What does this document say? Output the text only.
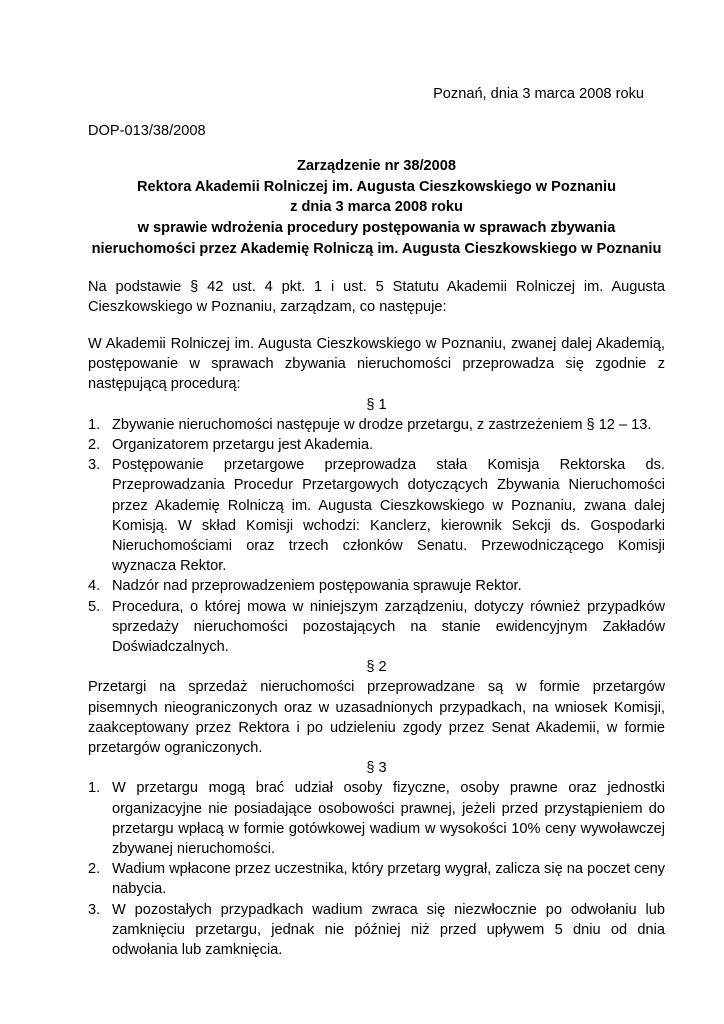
Poznań, dnia 3 marca 2008 roku
DOP-013/38/2008
Zarządzenie nr 38/2008
Rektora Akademii Rolniczej im. Augusta Cieszkowskiego w Poznaniu
z dnia 3 marca 2008 roku
w sprawie wdrożenia procedury postępowania w sprawach zbywania
nieruchomości przez Akademię Rolniczą im. Augusta Cieszkowskiego w Poznaniu
Na podstawie § 42 ust. 4 pkt. 1 i ust. 5 Statutu Akademii Rolniczej im. Augusta Cieszkowskiego w Poznaniu, zarządzam, co następuje:
W Akademii Rolniczej im. Augusta Cieszkowskiego w Poznaniu, zwanej dalej Akademią, postępowanie w sprawach zbywania nieruchomości przeprowadza się zgodnie z następującą procedurą:
§ 1
1. Zbywanie nieruchomości następuje w drodze przetargu, z zastrzeżeniem § 12 – 13.
2. Organizatorem przetargu jest Akademia.
3. Postępowanie przetargowe przeprowadza stała Komisja Rektorska ds. Przeprowadzania Procedur Przetargowych dotyczących Zbywania Nieruchomości przez Akademię Rolniczą im. Augusta Cieszkowskiego w Poznaniu, zwana dalej Komisją. W skład Komisji wchodzi: Kanclerz, kierownik Sekcji ds. Gospodarki Nieruchomościami oraz trzech członków Senatu. Przewodniczącego Komisji wyznacza Rektor.
4. Nadzór nad przeprowadzeniem postępowania sprawuje Rektor.
5. Procedura, o której mowa w niniejszym zarządzeniu, dotyczy również przypadków sprzedaży nieruchomości pozostających na stanie ewidencyjnym Zakładów Doświadczalnych.
§ 2
Przetargi na sprzedaż nieruchomości przeprowadzane są w formie przetargów pisemnych nieograniczonych oraz w uzasadnionych przypadkach, na wniosek Komisji, zaakceptowany przez Rektora i po udzieleniu zgody przez Senat Akademii, w formie przetargów ograniczonych.
§ 3
1. W przetargu mogą brać udział osoby fizyczne, osoby prawne oraz jednostki organizacyjne nie posiadające osobowości prawnej, jeżeli przed przystąpieniem do przetargu wpłacą w formie gotówkowej wadium w wysokości 10% ceny wywoławczej zbywanej nieruchomości.
2. Wadium wpłacone przez uczestnika, który przetarg wygrał, zalicza się na poczet ceny nabycia.
3. W pozostałych przypadkach wadium zwraca się niezwłocznie po odwołaniu lub zamknięciu przetargu, jednak nie później niż przed upływem 5 dniu od dnia odwołania lub zamknięcia.
